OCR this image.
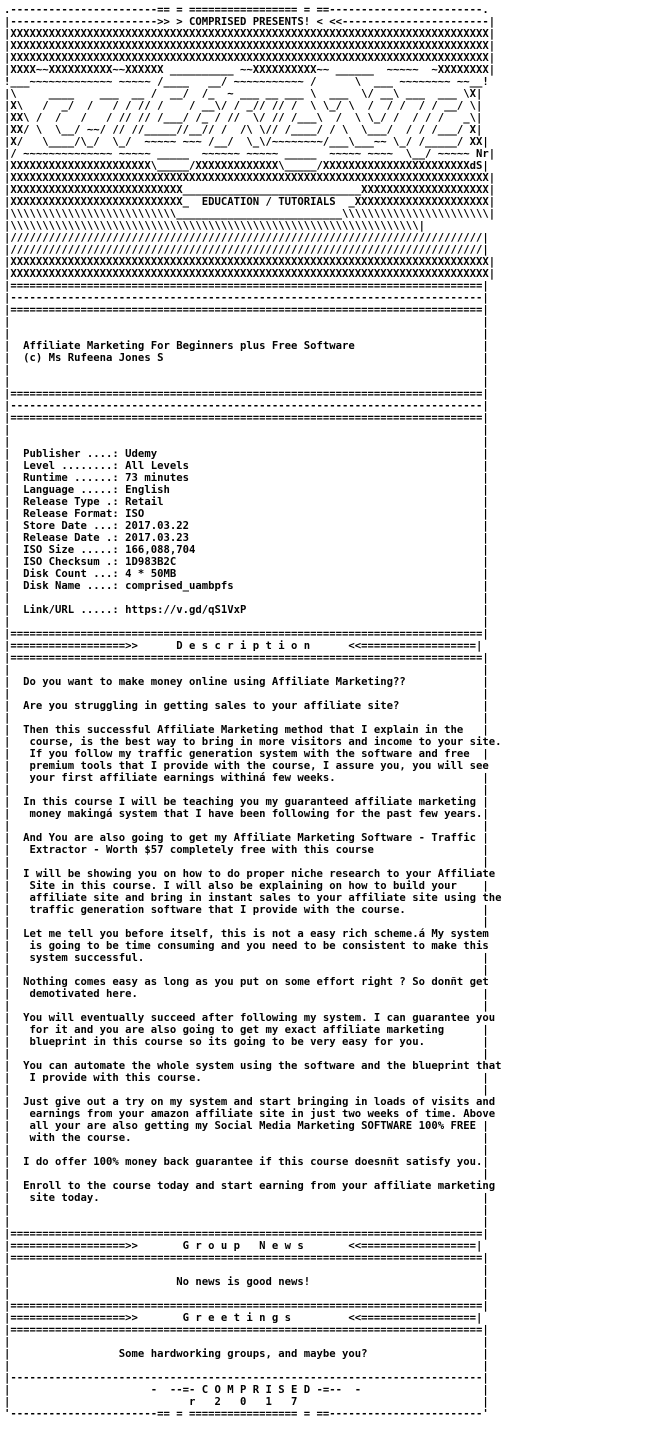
.-----------------------== = ================= = ==------------------------.
|----------------------->> > COMPRISED PRESENTS! < <<-----------------------|
|XXXXXXXXXXXXXXXXXXXXXXXXXXXXXXXXXXXXXXXXXXXXXXXXXXXXXXXXXXXXXXXXXXXXXXXXXXX|
|XXXXXXXXXXXXXXXXXXXXXXXXXXXXXXXXXXXXXXXXXXXXXXXXXXXXXXXXXXXXXXXXXXXXXXXXXXX|
|XXXXXXXXXXXXXXXXXXXXXXXXXXXXXXXXXXXXXXXXXXXXXXXXXXXXXXXXXXXXXXXXXXXXXXXXXXX|
|XXXX~~XXXXXXXXXX~~XXXXXX __________ ~~XXXXXXXXXX~~ ______  ~~~~~  ~XXXXXXXX|
!___~~~~~~~~~~~~~ ~~~~~ /____   __/ ~~~~~~~~~~~ /      \  ___ ~~~~~~~~ ~~__!
|\     ____    ___  __ /  __/  /_  ~ ___ __ ___ \  ___  \/ __\ ___  ___ \X|
|X\   /  _/  /   / / // /    / __\/ / _// // /  \ \_/ \  /  / /  / / __/ \|
|XX\ /  /   /   / // // /___/ /_ / //  \/ // /___\  /  \ \_/ /  / / /   _\|
|XX/ \  \__/ ~~/ // //_____//__// /  /\ \// /____/ / \  \___/  / / /___/ X|
|X/   \____/\_/  \_/  ~~~~~ ~~~ /__/  \_\/~~~~~~~~/___\___~~ \_/ /_____/ XX|
|/ ~~~~~~~~~~~~~~ ~~~~~ _____  ~~~~~~ ~~~~~ _____  ~~~~~ ~~~~  \__/ ~~~~~ Nr|
|XXXXXXXXXXXXXXXXXXXXXX\_____/XXXXXXXXXXXXX\_____/XXXXXXXXXXXXXXXXXXXXXXXdS|
|XXXXXXXXXXXXXXXXXXXXXXXXXXXXXXXXXXXXXXXXXXXXXXXXXXXXXXXXXXXXXXXXXXXXXXXXXXX|
|XXXXXXXXXXXXXXXXXXXXXXXXXXX____________________________XXXXXXXXXXXXXXXXXXXX|
|XXXXXXXXXXXXXXXXXXXXXXXXXXX_  EDUCATION / TUTORIALS  _XXXXXXXXXXXXXXXXXXXXX|
|\\\\\\\\\\\\\\\\\\\\\\\\\\__________________________\\\\\\\\\\\\\\\\\\\\\\\|
|\\\\\\\\\\\\\\\\\\\\\\\\\\\\\\\\\\\\\\\\\\\\\\\\\\\\\\\\\\\\\\\\|
|//////////////////////////////////////////////////////////////////////////|
|//////////////////////////////////////////////////////////////////////////|
|XXXXXXXXXXXXXXXXXXXXXXXXXXXXXXXXXXXXXXXXXXXXXXXXXXXXXXXXXXXXXXXXXXXXXXXXXXX|
|XXXXXXXXXXXXXXXXXXXXXXXXXXXXXXXXXXXXXXXXXXXXXXXXXXXXXXXXXXXXXXXXXXXXXXXXXXX|
|==========================================================================|
|--------------------------------------------------------------------------|
|==========================================================================|
|                                                                          |
|                                                                          |
|  Affiliate Marketing For Beginners plus Free Software                    |
|  (c) Ms Rufeena Jones S                                                  |
|                                                                          |
|                                                                          |
|==========================================================================|
|--------------------------------------------------------------------------|
|==========================================================================|
|                                                                          |
|                                                                          |
|  Publisher ....: Udemy                                                   |
|  Level ........: All Levels                                              |
|  Runtime ......: 73 minutes                                              |
|  Language .....: English                                                 |
|  Release Type .: Retail                                                  |
|  Release Format: ISO                                                     |
|  Store Date ...: 2017.03.22                                              |
|  Release Date .: 2017.03.23                                              |
|  ISO Size .....: 166,088,704                                             |
|  ISO Checksum .: 1D983B2C                                                |
|  Disk Count ...: 4 * 50MB                                                |
|  Disk Name ....: comprised_uambpfs                                       |
|                                                                          |
|  Link/URL .....: https://v.gd/qS1VxP                                     |
|                                                                          |
|==========================================================================|
|==================>>      D e s c r i p t i o n      <<==================|
|==========================================================================|
|                                                                          |
|  Do you want to make money online using Affiliate Marketing??            |
|                                                                          |
|  Are you struggling in getting sales to your affiliate site?             |
|                                                                          |
|  Then this successful Affiliate Marketing method that I explain in the   |
|   course, is the best way to bring in more visitors and income to your site.
|   If you follow my traffic generation system with the software and free  |
|   premium tools that I provide with the course, I assure you, you will see
|   your first affiliate earnings withiná few weeks.                       |
|                                                                          |
|  In this course I will be teaching you my guaranteed affiliate marketing |
|   money makingá system that I have been following for the past few years.|
|                                                                          |
|  And You are also going to get my Affiliate Marketing Software - Traffic |
|   Extractor - Worth $57 completely free with this course                 |
|                                                                          |
|  I will be showing you on how to do proper niche research to your Affiliate
|   Site in this course. I will also be explaining on how to build your    |
|   affiliate site and bring in instant sales to your affiliate site using the
|   traffic generation software that I provide with the course.            |
|                                                                          |
|  Let me tell you before itself, this is not a easy rich scheme.á My system
|   is going to be time consuming and you need to be consistent to make this
|   system successful.                                                     |
|                                                                          |
|  Nothing comes easy as long as you put on some effort right ? So donñt get
|   demotivated here.                                                      |
|                                                                          |
|  You will eventually succeed after following my system. I can guarantee you
|   for it and you are also going to get my exact affiliate marketing      |
|   blueprint in this course so its going to be very easy for you.         |
|                                                                          |
|  You can automate the whole system using the software and the blueprint that
|   I provide with this course.                                            |
|                                                                          |
|  Just give out a try on my system and start bringing in loads of visits and
|   earnings from your amazon affiliate site in just two weeks of time. Above
|   all your are also getting my Social Media Marketing SOFTWARE 100% FREE |
|   with the course.                                                       |
|                                                                          |
|  I do offer 100% money back guarantee if this course doesnñt satisfy you.|
|                                                                          |
|  Enroll to the course today and start earning from your affiliate marketing
|   site today.                                                            |
|                                                                          |
|                                                                          |
|==========================================================================|
|==================>>       G r o u p   N e w s       <<==================|
|==========================================================================|
|                                                                          |
|                          No news is good news!                           |
|                                                                          |
|==========================================================================|
|==================>>       G r e e t i n g s         <<==================|
|==========================================================================|
|                                                                          |
|                 Some hardworking groups, and maybe you?                  |
|                                                                          |
|--------------------------------------------------------------------------|
|                      -  --=- C O M P R I S E D -=--  -                   |
|                            r   2   0   1   7                             |
'-----------------------== = ================= = ==------------------------'
